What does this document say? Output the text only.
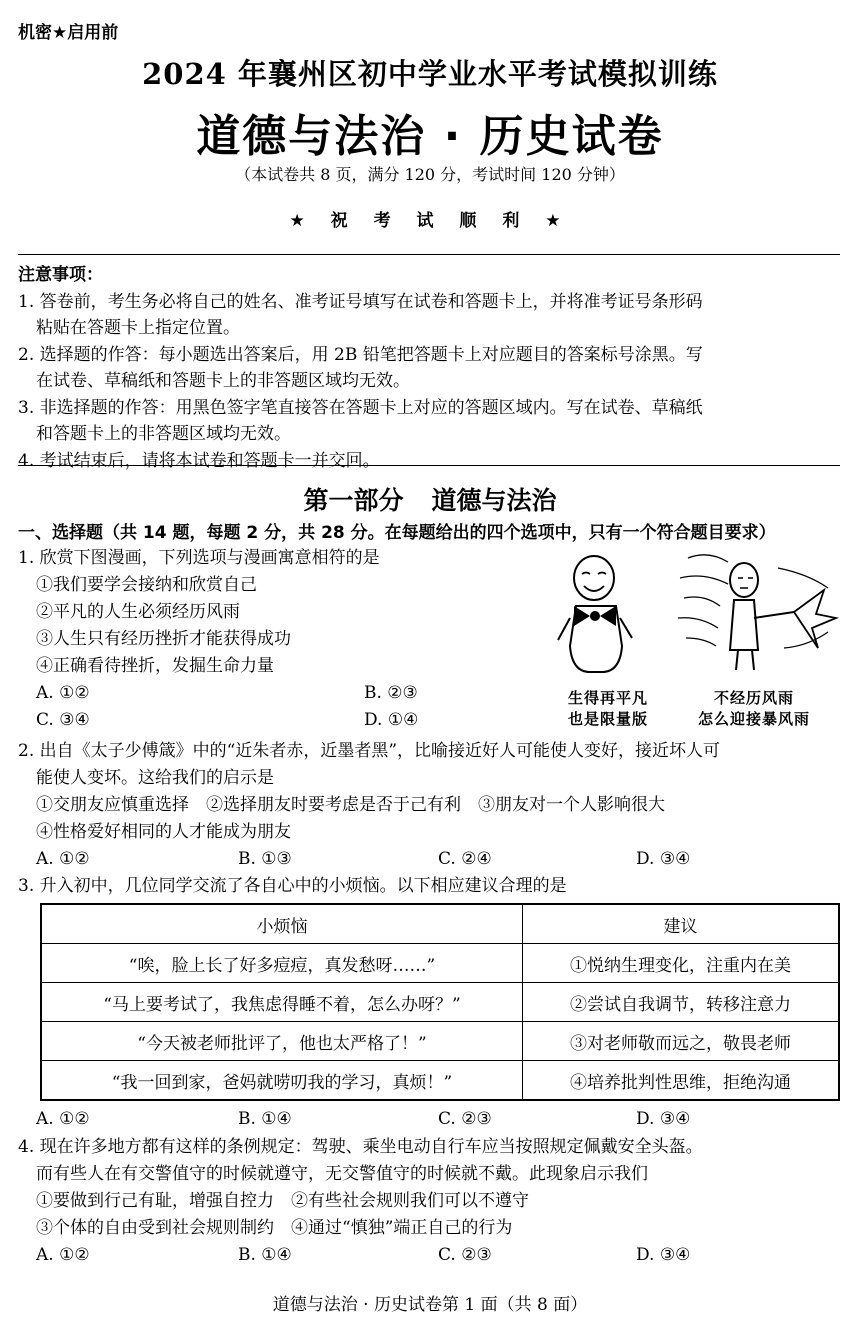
机密★启用前
2024 年襄州区初中学业水平考试模拟训练
道德与法治 · 历史试卷
（本试卷共 8 页，满分 120 分，考试时间 120 分钟）
★ 祝 考 试 顺 利 ★
注意事项：
1. 答卷前，考生务必将自己的姓名、准考证号填写在试卷和答题卡上，并将准考证号条形码
粘贴在答题卡上指定位置。
2. 选择题的作答：每小题选出答案后，用 2B 铅笔把答题卡上对应题目的答案标号涂黑。写
在试卷、草稿纸和答题卡上的非答题区域均无效。
3. 非选择题的作答：用黑色签字笔直接答在答题卡上对应的答题区域内。写在试卷、草稿纸
和答题卡上的非答题区域均无效。
4. 考试结束后，请将本试卷和答题卡一并交回。
第一部分 道德与法治
一、选择题（共 14 题，每题 2 分，共 28 分。在每题给出的四个选项中，只有一个符合题目要求）
1. 欣赏下图漫画，下列选项与漫画寓意相符的是
①我们要学会接纳和欣赏自己
②平凡的人生必须经历风雨
③人生只有经历挫折才能获得成功
④正确看待挫折，发掘生命力量
A. ①②	B. ②③
C. ③④	D. ①④
生得再平凡
也是限量版
不经历风雨
怎么迎接暴风雨
2. 出自《太子少傅箴》中的“近朱者赤，近墨者黑”，比喻接近好人可能使人变好，接近坏人可
能使人变坏。这给我们的启示是
①交朋友应慎重选择　②选择朋友时要考虑是否于己有利　③朋友对一个人影响很大
④性格爱好相同的人才能成为朋友
A. ①②	B. ①③	C. ②④	D. ③④
3. 升入初中，几位同学交流了各自心中的小烦恼。以下相应建议合理的是
小烦恼	建议
“唉，脸上长了好多痘痘，真发愁呀……”	①悦纳生理变化，注重内在美
“马上要考试了，我焦虑得睡不着，怎么办呀？”	②尝试自我调节，转移注意力
“今天被老师批评了，他也太严格了！”	③对老师敬而远之，敬畏老师
“我一回到家，爸妈就唠叨我的学习，真烦！”	④培养批判性思维，拒绝沟通
A. ①②	B. ①④	C. ②③	D. ③④
4. 现在许多地方都有这样的条例规定：驾驶、乘坐电动自行车应当按照规定佩戴安全头盔。
而有些人在有交警值守的时候就遵守，无交警值守的时候就不戴。此现象启示我们
①要做到行己有耻，增强自控力　②有些社会规则我们可以不遵守
③个体的自由受到社会规则制约　④通过“慎独”端正自己的行为
A. ①②	B. ①④	C. ②③	D. ③④
道德与法治 · 历史试卷第 1 面（共 8 面）
